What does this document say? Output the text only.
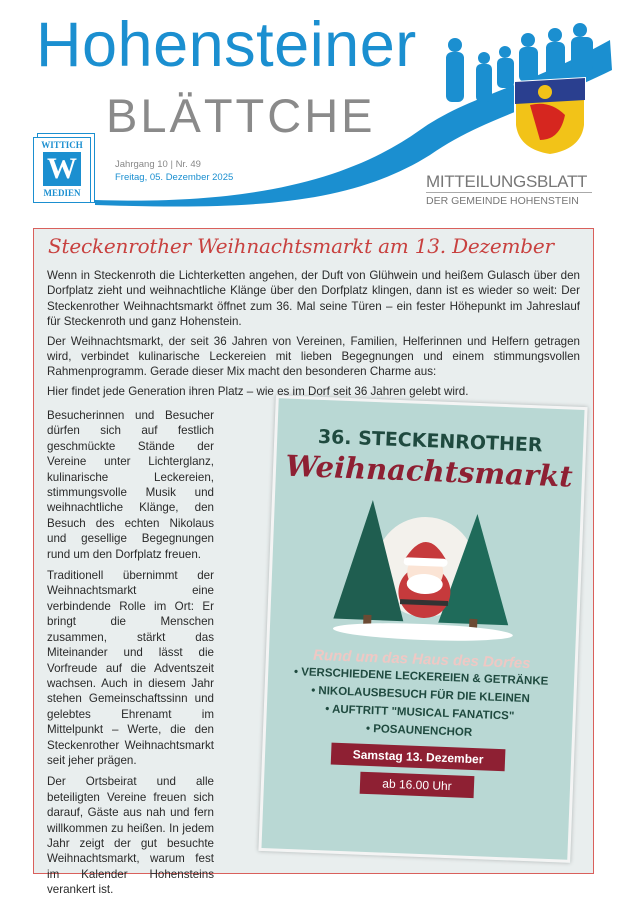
Hohensteiner
BLÄTTCHE
WITTICH
W
MEDIEN
Jahrgang 10 | Nr. 49
Freitag, 05. Dezember 2025	MITTEILUNGSBLATT
DER GEMEINDE HOHENSTEIN
Steckenrother Weihnachtsmarkt am 13. Dezember

Wenn in Steckenroth die Lichterketten angehen, der Duft von Glühwein und heißem Gulasch über den Dorfplatz zieht und weihnachtliche Klänge über den Dorfplatz klingen, dann ist es wieder so weit: Der Steckenrother Weihnachtsmarkt öffnet zum 36. Mal seine Türen – ein fester Höhepunkt im Jahreslauf für Steckenroth und ganz Hohenstein.

Der Weihnachtsmarkt, der seit 36 Jahren von Vereinen, Familien, Helferinnen und Helfern getragen wird, verbindet kulinarische Leckereien mit lieben Begegnungen und einem stimmungsvollen Rahmenprogramm. Gerade dieser Mix macht den besonderen Charme aus:

Hier findet jede Generation ihren Platz – wie es im Dorf seit 36 Jahren gelebt wird.

Besucherinnen und Besucher dürfen sich auf festlich geschmückte Stände der Vereine unter Lichterglanz, kulinarische Leckereien, stimmungsvolle Musik und weihnachtliche Klänge, den Besuch des echten Nikolaus und gesellige Begegnungen rund um den Dorfplatz freuen.

Traditionell übernimmt der Weihnachtsmarkt eine verbindende Rolle im Ort: Er bringt die Menschen zusammen, stärkt das Miteinander und lässt die Vorfreude auf die Adventszeit wachsen. Auch in diesem Jahr stehen Gemeinschaftssinn und gelebtes Ehrenamt im Mittelpunkt – Werte, die den Steckenrother Weihnachtsmarkt seit jeher prägen.

Der Ortsbeirat und alle beteiligten Vereine freuen sich darauf, Gäste aus nah und fern willkommen zu heißen. In jedem Jahr zeigt der gut besuchte Weihnachtsmarkt, warum fest im Kalender Hohensteins verankert ist.

36. STECKENROTHER
Weihnachtsmarkt
Rund um das Haus des Dorfes
• VERSCHIEDENE LECKEREIEN & GETRÄNKE
• NIKOLAUSBESUCH FÜR DIE KLEINEN
• AUFTRITT "MUSICAL FANATICS"
• POSAUNENCHOR
Samstag 13. Dezember
ab 16.00 Uhr
